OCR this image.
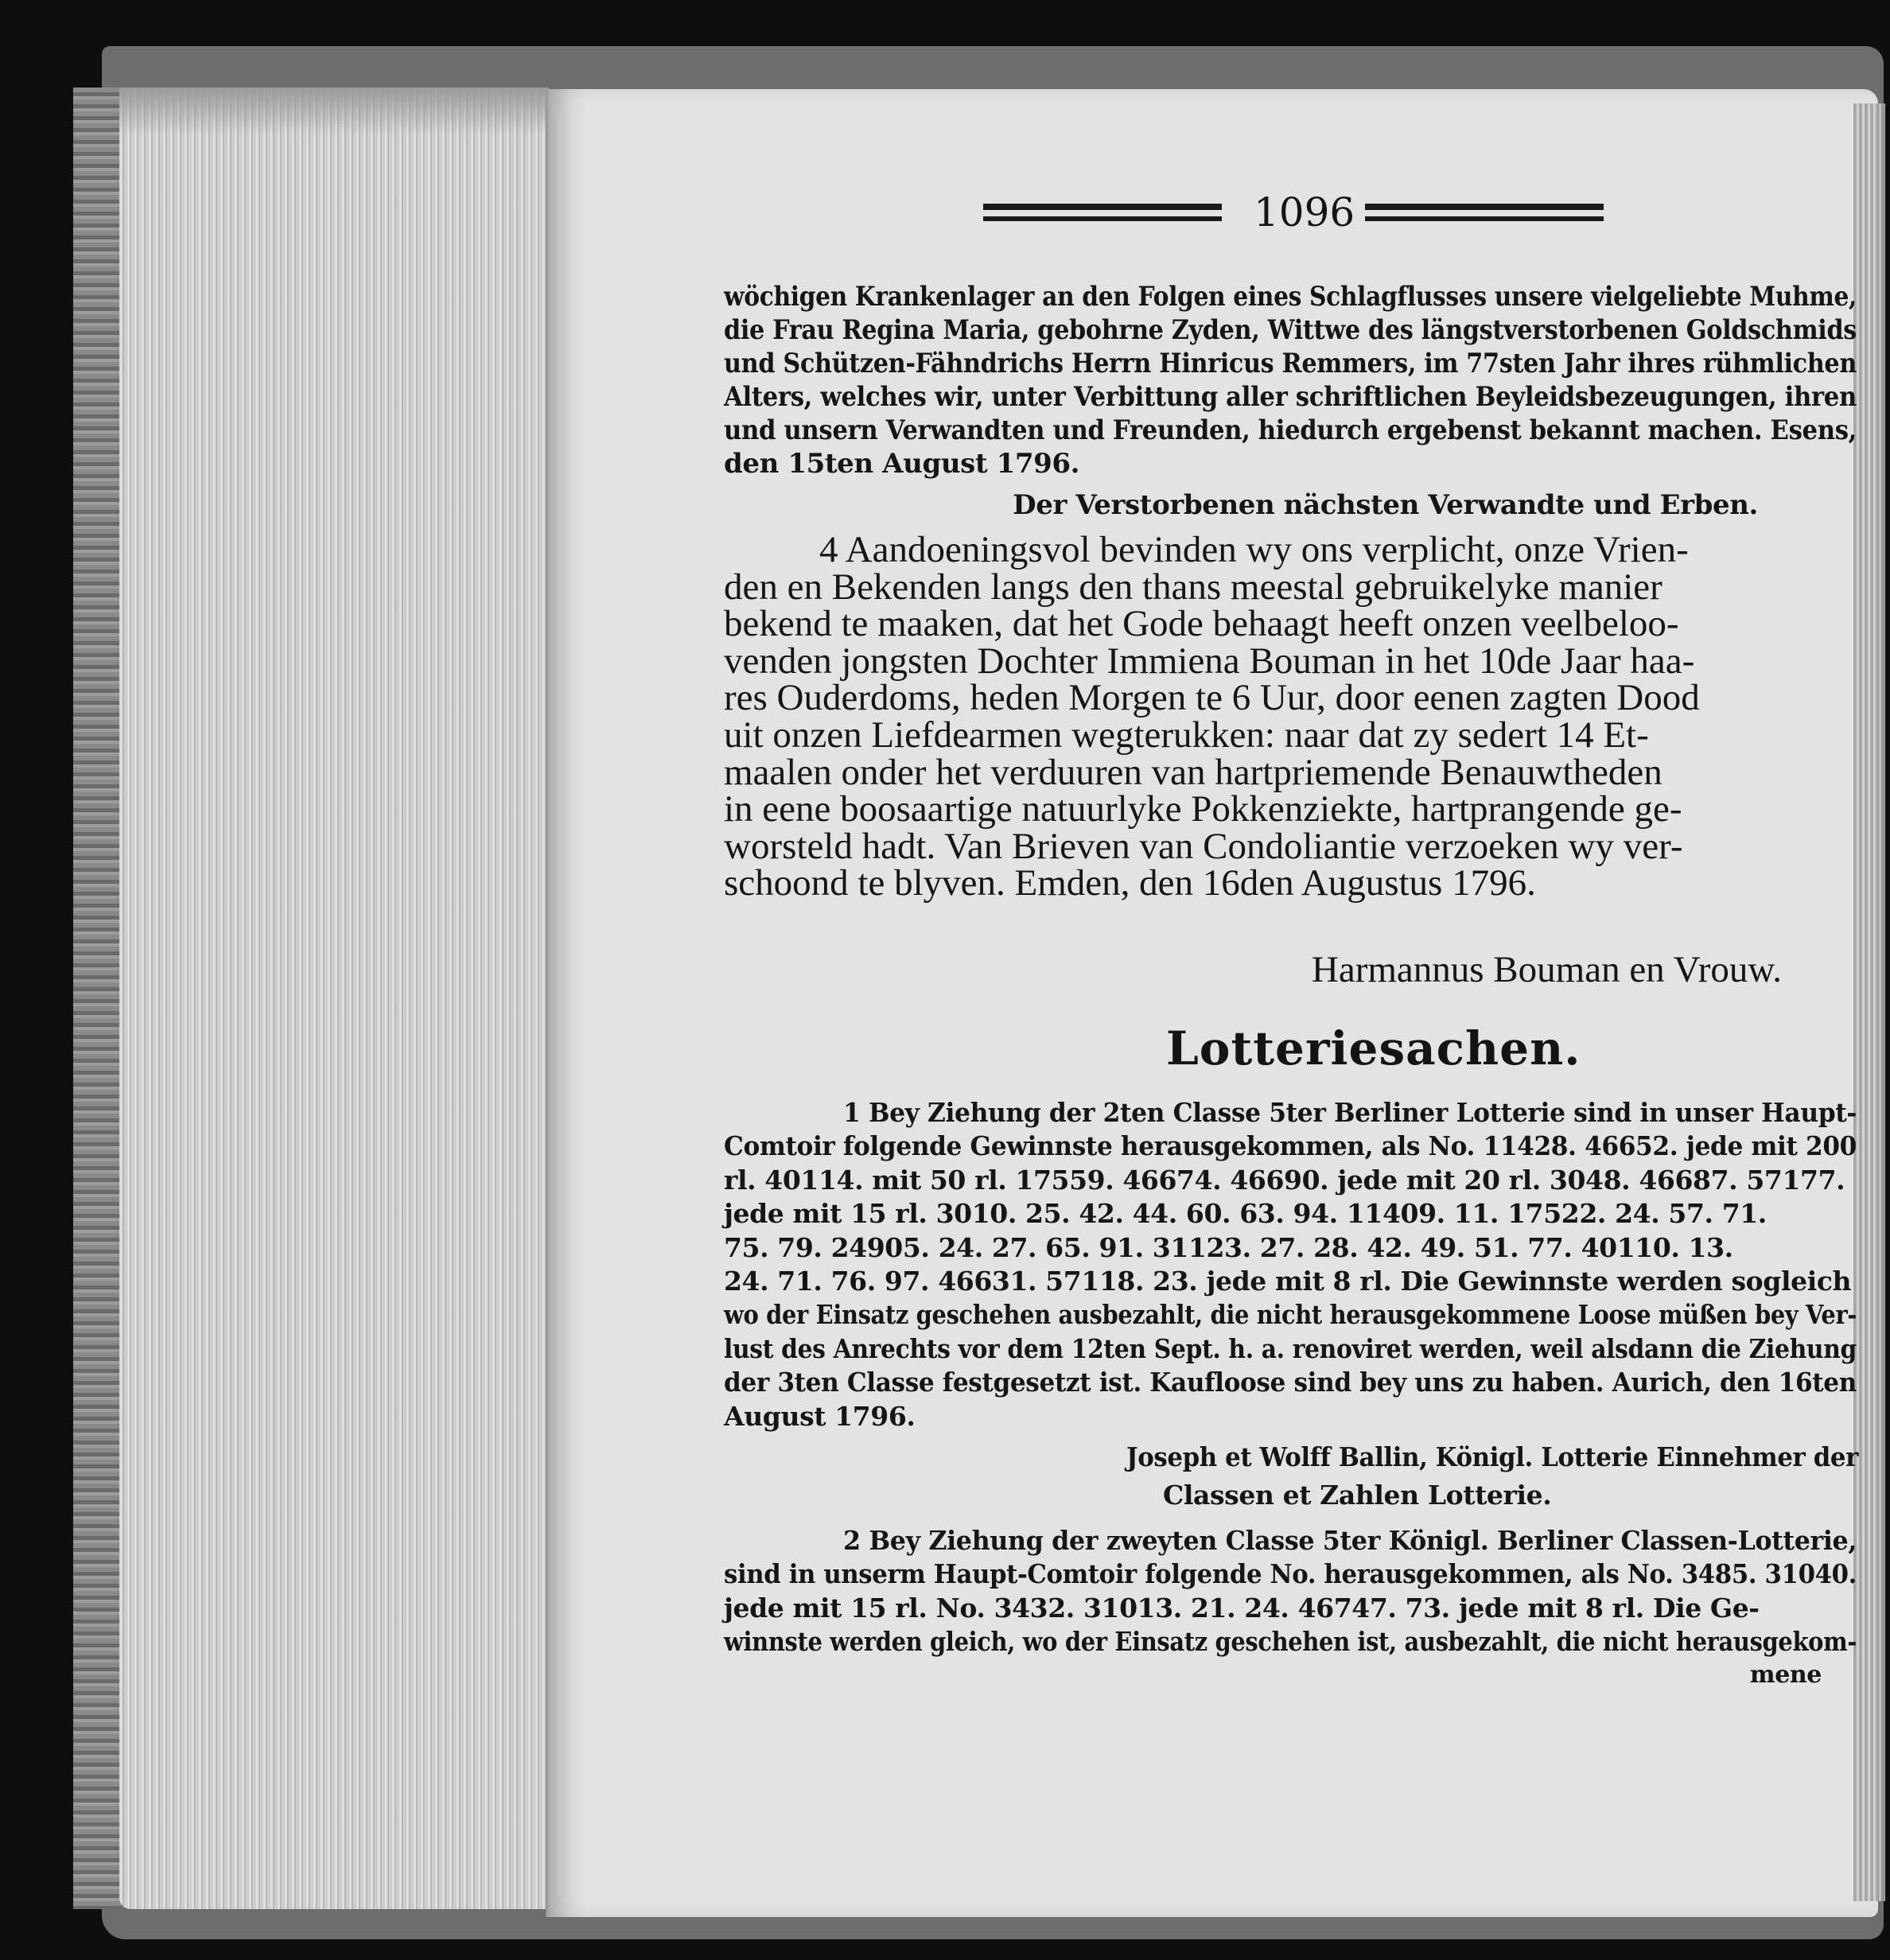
1096
wöchigen Krankenlager an den Folgen eines Schlagflusses unsere vielgeliebte Muhme,
die Frau Regina Maria, gebohrne Zyden, Wittwe des längstverstorbenen Goldschmids
und Schützen-Fähndrichs Herrn Hinricus Remmers, im 77sten Jahr ihres rühmlichen
Alters, welches wir, unter Verbittung aller schriftlichen Beyleidsbezeugungen, ihren
und unsern Verwandten und Freunden, hiedurch ergebenst bekannt machen. Esens,
den 15ten August 1796.
Der Verstorbenen nächsten Verwandte und Erben.
4 Aandoeningsvol bevinden wy ons verplicht, onze Vrien-
den en Bekenden langs den thans meestal gebruikelyke manier
bekend te maaken, dat het Gode behaagt heeft onzen veelbeloo-
venden jongsten Dochter Immiena Bouman in het 10de Jaar haa-
res Ouderdoms, heden Morgen te 6 Uur, door eenen zagten Dood
uit onzen Liefdearmen wegterukken: naar dat zy sedert 14 Et-
maalen onder het verduuren van hartpriemende Benauwtheden
in eene boosaartige natuurlyke Pokkenziekte, hartprangende ge-
worsteld hadt. Van Brieven van Condoliantie verzoeken wy ver-
schoond te blyven. Emden, den 16den Augustus 1796.
Harmannus Bouman en Vrouw.
Lotteriesachen.
1 Bey Ziehung der 2ten Classe 5ter Berliner Lotterie sind in unser Haupt-
Comtoir folgende Gewinnste herausgekommen, als No. 11428. 46652. jede mit 200
rl. 40114. mit 50 rl. 17559. 46674. 46690. jede mit 20 rl. 3048. 46687. 57177.
jede mit 15 rl. 3010. 25. 42. 44. 60. 63. 94. 11409. 11. 17522. 24. 57. 71.
75. 79. 24905. 24. 27. 65. 91. 31123. 27. 28. 42. 49. 51. 77. 40110. 13.
24. 71. 76. 97. 46631. 57118. 23. jede mit 8 rl. Die Gewinnste werden sogleich
wo der Einsatz geschehen ausbezahlt, die nicht herausgekommene Loose müßen bey Ver-
lust des Anrechts vor dem 12ten Sept. h. a. renoviret werden, weil alsdann die Ziehung
der 3ten Classe festgesetzt ist. Kaufloose sind bey uns zu haben. Aurich, den 16ten
August 1796.
Joseph et Wolff Ballin, Königl. Lotterie Einnehmer der
Classen et Zahlen Lotterie.
2 Bey Ziehung der zweyten Classe 5ter Königl. Berliner Classen-Lotterie,
sind in unserm Haupt-Comtoir folgende No. herausgekommen, als No. 3485. 31040.
jede mit 15 rl. No. 3432. 31013. 21. 24. 46747. 73. jede mit 8 rl. Die Ge-
winnste werden gleich, wo der Einsatz geschehen ist, ausbezahlt, die nicht herausgekom-
mene
